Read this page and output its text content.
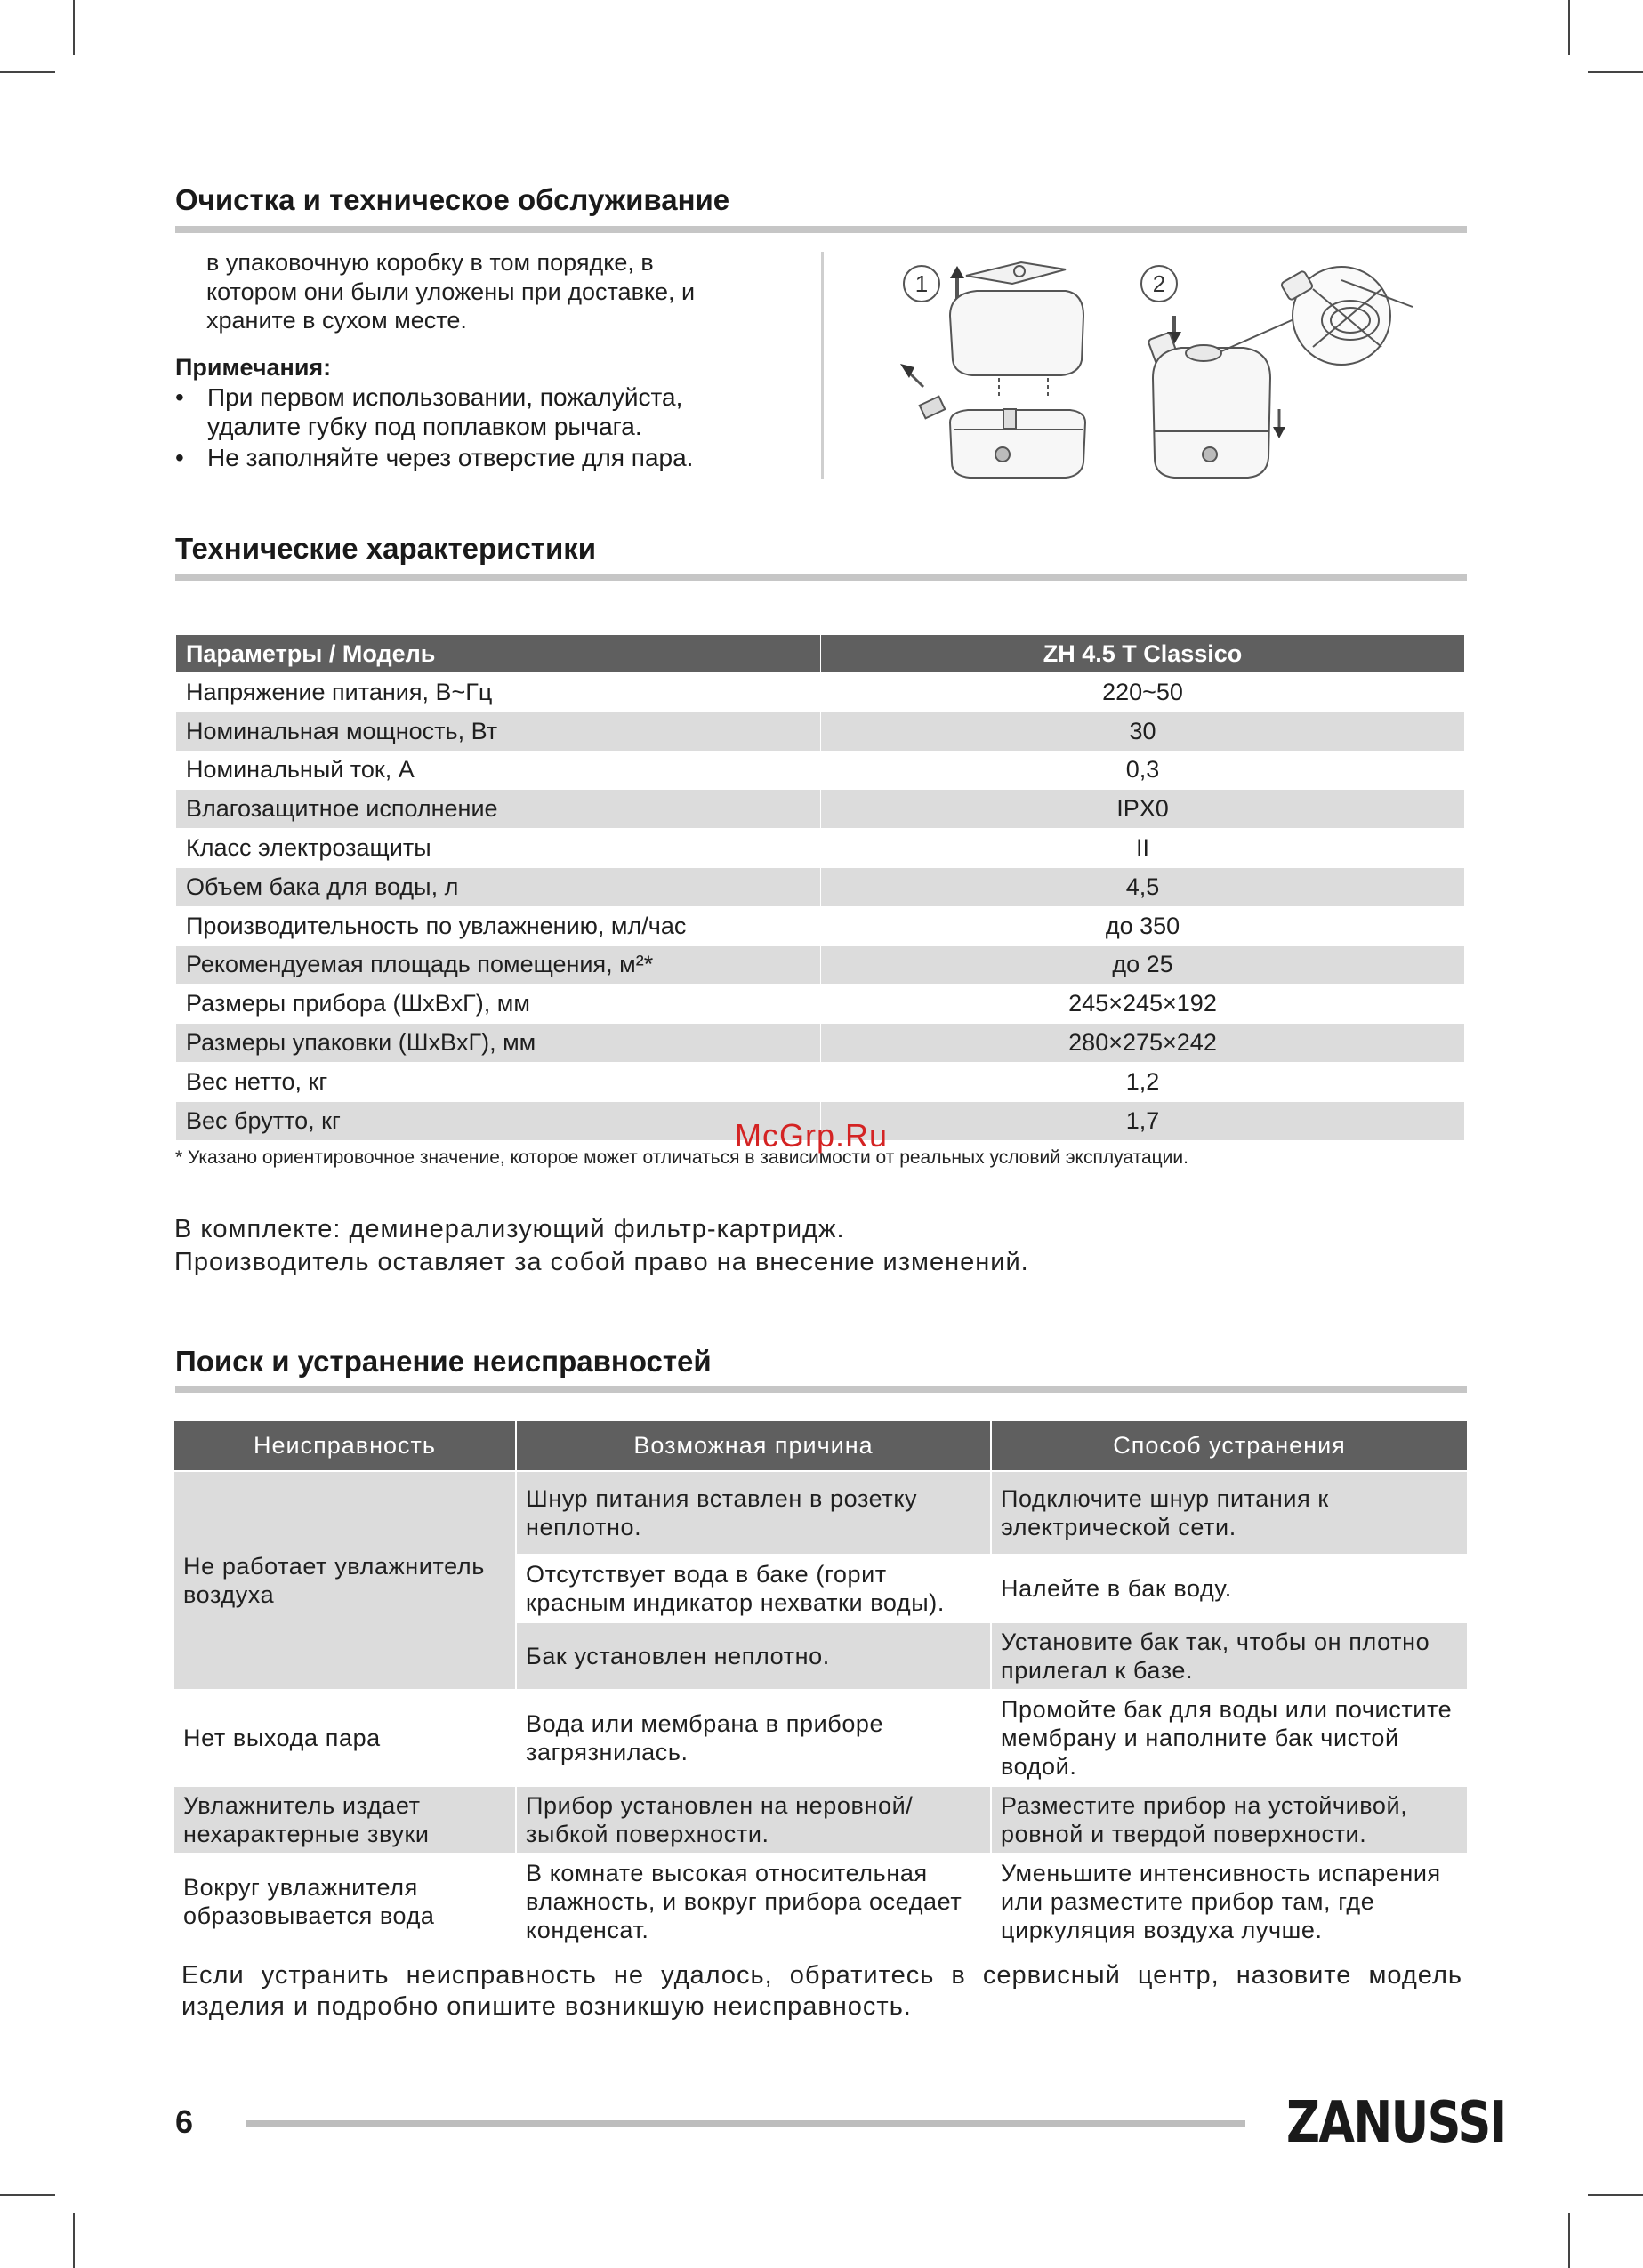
Очистка и техническое обслуживание
в упаковочную коробку в том порядке, в
котором они были уложены при доставке, и
храните в сухом месте.
Примечания:
• При первом использовании, пожалуйста,
удалите губку под поплавком рычага.
• Не заполняйте через отверстие для пара.
1	2
Технические характеристики
Параметры / Модель	ZH 4.5 T Classico
Напряжение питания, В~Гц	220~50
Номинальная мощность, Вт	30
Номинальный ток, А	0,3
Влагозащитное исполнение	IPX0
Класс электрозащиты	II
Объем бака для воды, л	4,5
Производительность по увлажнению, мл/час	до 350
Рекомендуемая площадь помещения, м²*	до 25
Размеры прибора (ШxВxГ), мм	245×245×192
Размеры упаковки (ШxВxГ), мм	280×275×242
Вес нетто, кг	1,2
Вес брутто, кг	1,7
* Указано ориентировочное значение, которое может отличаться в зависимости от реальных условий эксплуатации.
В комплекте: деминерализующий фильтр-картридж.
Производитель оставляет за собой право на внесение изменений.
Поиск и устранение неисправностей
Неисправность	Возможная причина	Способ устранения
Не работает увлажнитель воздуха	Шнур питания вставлен в розетку неплотно.	Подключите шнур питания к электрической сети.
	Отсутствует вода в баке (горит красным индикатор нехватки воды).	Налейте в бак воду.
	Бак установлен неплотно.	Установите бак так, чтобы он плотно прилегал к базе.
Нет выхода пара	Вода или мембрана в приборе загрязнилась.	Промойте бак для воды или почистите мембрану и наполните бак чистой водой.
Увлажнитель издает нехарактерные звуки	Прибор установлен на неровной/ зыбкой поверхности.	Разместите прибор на устойчивой, ровной и твердой поверхности.
Вокруг увлажнителя образовывается вода	В комнате высокая относительная влажность, и вокруг прибора оседает конденсат.	Уменьшите интенсивность испарения или разместите прибор там, где циркуляция воздуха лучше.
Если устранить неисправность не удалось, обратитесь в сервисный центр, назовите модель
изделия и подробно опишите возникшую неисправность.
6	ZANUSSI
McGrp.Ru
